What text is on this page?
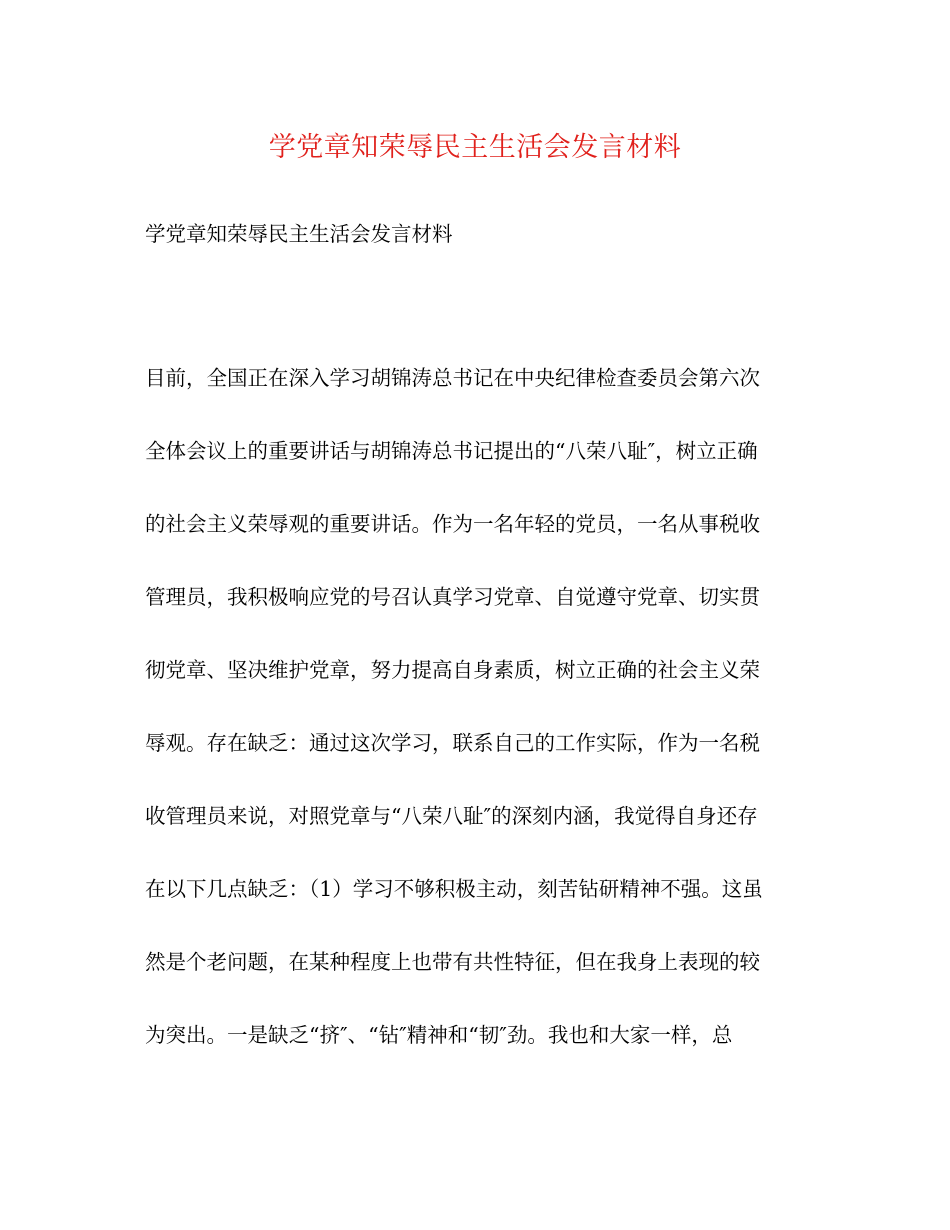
学党章知荣辱民主生活会发言材料
学党章知荣辱民主生活会发言材料
目前，全国正在深入学习胡锦涛总书记在中央纪律检查委员会第六次
全体会议上的重要讲话与胡锦涛总书记提出的“八荣八耻″，树立正确
的社会主义荣辱观的重要讲话。作为一名年轻的党员，一名从事税收
管理员，我积极响应党的号召认真学习党章、自觉遵守党章、切实贯
彻党章、坚决维护党章，努力提高自身素质，树立正确的社会主义荣
辱观。存在缺乏：通过这次学习，联系自己的工作实际，作为一名税
收管理员来说，对照党章与“八荣八耻″的深刻内涵，我觉得自身还存
在以下几点缺乏：（1）学习不够积极主动，刻苦钻研精神不强。这虽
然是个老问题，在某种程度上也带有共性特征，但在我身上表现的较
为突出。一是缺乏“挤″、“钻″精神和“韧″劲。我也和大家一样，总
